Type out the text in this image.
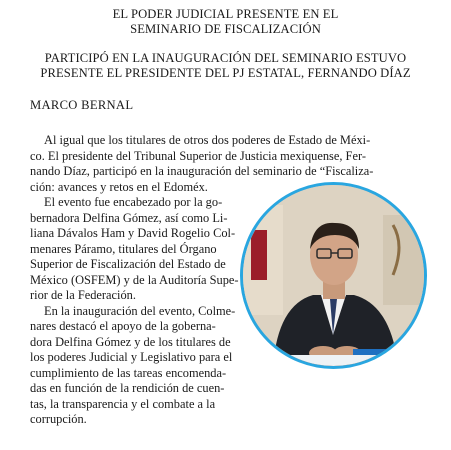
EL PODER JUDICIAL PRESENTE EN EL
SEMINARIO DE FISCALIZACIÓN
PARTICIPÓ EN LA INAUGURACIÓN DEL SEMINARIO ESTUVO
PRESENTE EL PRESIDENTE DEL PJ ESTATAL, FERNANDO DÍAZ
MARCO BERNAL
Al igual que los titulares de otros dos poderes de Estado de Méxi-
co. El presidente del Tribunal Superior de Justicia mexiquense, Fer-
nando Díaz, participó en la inauguración del seminario de “Fiscaliza-
ción: avances y retos en el Edoméx.
El evento fue encabezado por la go-
bernadora Delfina Gómez, así como Li-
liana Dávalos Ham y David Rogelio Col-
menares Páramo, titulares del Órgano
Superior de Fiscalización del Estado de
México (OSFEM) y de la Auditoría Supe-
rior de la Federación.
En la inauguración del evento, Colme-
nares destacó el apoyo de la goberna-
dora Delfina Gómez y de los titulares de
los poderes Judicial y Legislativo para el
cumplimiento de las tareas encomenda-
das en función de la rendición de cuen-
tas, la transparencia y el combate a la
corrupción.
